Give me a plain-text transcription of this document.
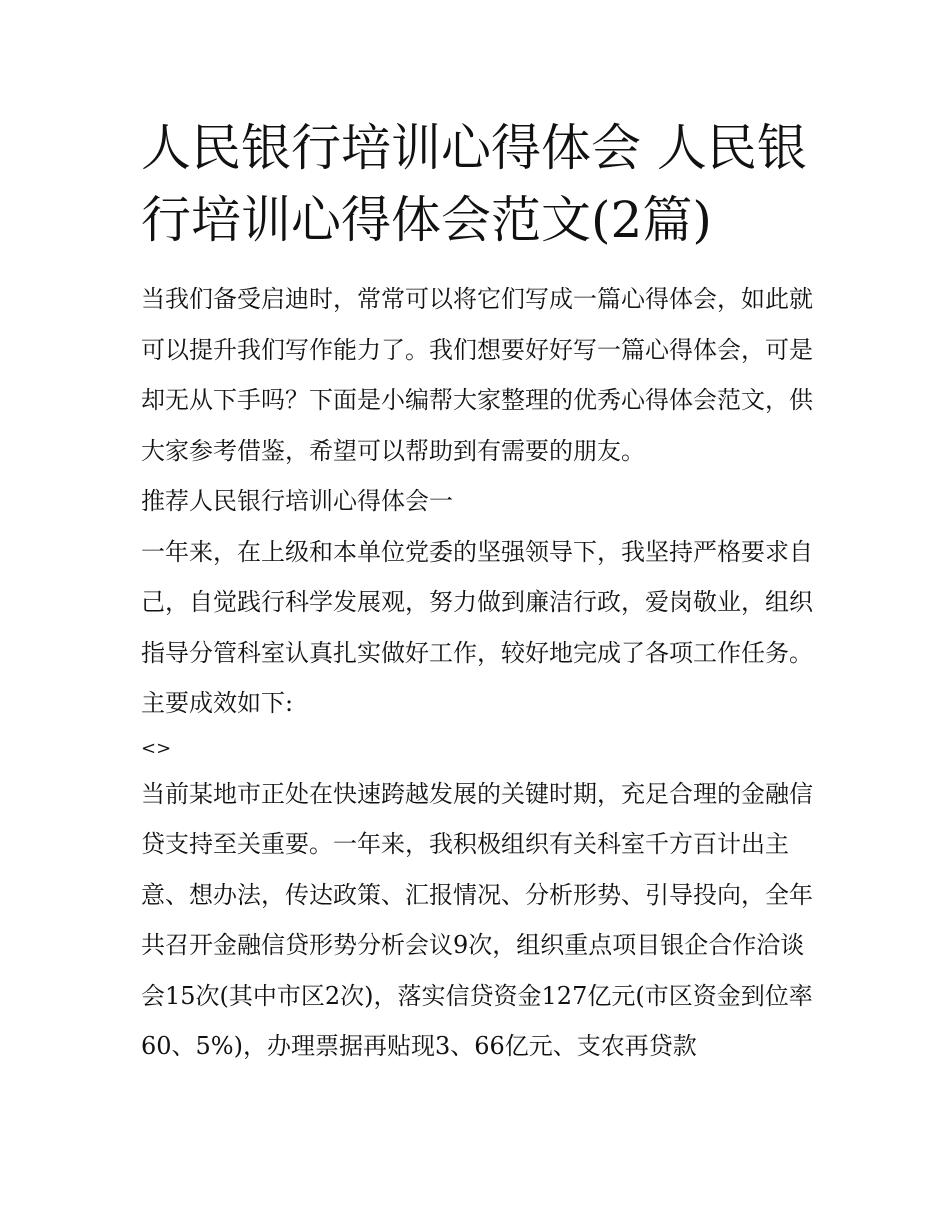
人民银行培训心得体会 人民银行培训心得体会范文(2篇)

当我们备受启迪时，常常可以将它们写成一篇心得体会，如此就可以提升我们写作能力了。我们想要好好写一篇心得体会，可是却无从下手吗？下面是小编帮大家整理的优秀心得体会范文，供大家参考借鉴，希望可以帮助到有需要的朋友。

推荐人民银行培训心得体会一

一年来，在上级和本单位党委的坚强领导下，我坚持严格要求自己，自觉践行科学发展观，努力做到廉洁行政，爱岗敬业，组织指导分管科室认真扎实做好工作，较好地完成了各项工作任务。主要成效如下:

<>

当前某地市正处在快速跨越发展的关键时期，充足合理的金融信贷支持至关重要。一年来，我积极组织有关科室千方百计出主意、想办法，传达政策、汇报情况、分析形势、引导投向，全年共召开金融信贷形势分析会议9次，组织重点项目银企合作洽谈会15次(其中市区2次)，落实信贷资金127亿元(市区资金到位率60、5%)，办理票据再贴现3、66亿元、支农再贷款
